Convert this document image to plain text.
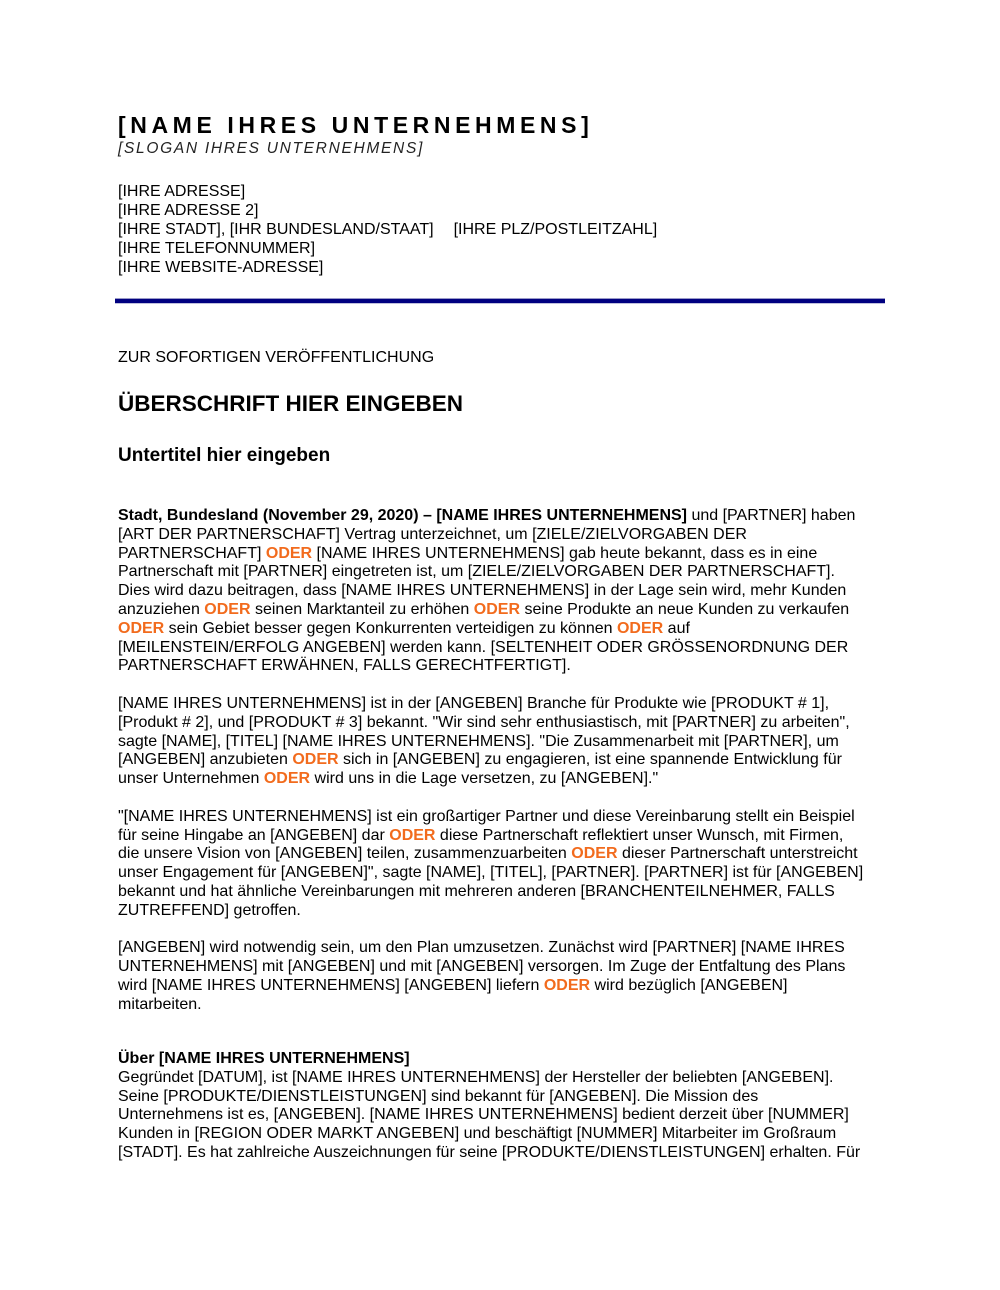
[NAME IHRES UNTERNEHMENS]
[SLOGAN IHRES UNTERNEHMENS]
[IHRE ADRESSE]
[IHRE ADRESSE 2]
[IHRE STADT], [IHR BUNDESLAND/STAAT] [IHRE PLZ/POSTLEITZAHL]
[IHRE TELEFONNUMMER]
[IHRE WEBSITE-ADRESSE]
ZUR SOFORTIGEN VERÖFFENTLICHUNG
ÜBERSCHRIFT HIER EINGEBEN
Untertitel hier eingeben

Stadt, Bundesland (November 29, 2020) – [NAME IHRES UNTERNEHMENS] und [PARTNER] haben
[ART DER PARTNERSCHAFT] Vertrag unterzeichnet, um [ZIELE/ZIELVORGABEN DER
PARTNERSCHAFT] ODER [NAME IHRES UNTERNEHMENS] gab heute bekannt, dass es in eine
Partnerschaft mit [PARTNER] eingetreten ist, um [ZIELE/ZIELVORGABEN DER PARTNERSCHAFT].
Dies wird dazu beitragen, dass [NAME IHRES UNTERNEHMENS] in der Lage sein wird, mehr Kunden
anzuziehen ODER seinen Marktanteil zu erhöhen ODER seine Produkte an neue Kunden zu verkaufen
ODER sein Gebiet besser gegen Konkurrenten verteidigen zu können ODER auf
[MEILENSTEIN/ERFOLG ANGEBEN] werden kann. [SELTENHEIT ODER GRÖSSENORDNUNG DER
PARTNERSCHAFT ERWÄHNEN, FALLS GERECHTFERTIGT].

[NAME IHRES UNTERNEHMENS] ist in der [ANGEBEN] Branche für Produkte wie [PRODUKT # 1],
[Produkt # 2], und [PRODUKT # 3] bekannt. "Wir sind sehr enthusiastisch, mit [PARTNER] zu arbeiten",
sagte [NAME], [TITEL] [NAME IHRES UNTERNEHMENS]. "Die Zusammenarbeit mit [PARTNER], um
[ANGEBEN] anzubieten ODER sich in [ANGEBEN] zu engagieren, ist eine spannende Entwicklung für
unser Unternehmen ODER wird uns in die Lage versetzen, zu [ANGEBEN]."

"[NAME IHRES UNTERNEHMENS] ist ein großartiger Partner und diese Vereinbarung stellt ein Beispiel
für seine Hingabe an [ANGEBEN] dar ODER diese Partnerschaft reflektiert unser Wunsch, mit Firmen,
die unsere Vision von [ANGEBEN] teilen, zusammenzuarbeiten ODER dieser Partnerschaft unterstreicht
unser Engagement für [ANGEBEN]", sagte [NAME], [TITEL], [PARTNER]. [PARTNER] ist für [ANGEBEN]
bekannt und hat ähnliche Vereinbarungen mit mehreren anderen [BRANCHENTEILNEHMER, FALLS
ZUTREFFEND] getroffen.

[ANGEBEN] wird notwendig sein, um den Plan umzusetzen. Zunächst wird [PARTNER] [NAME IHRES
UNTERNEHMENS] mit [ANGEBEN] und mit [ANGEBEN] versorgen. Im Zuge der Entfaltung des Plans
wird [NAME IHRES UNTERNEHMENS] [ANGEBEN] liefern ODER wird bezüglich [ANGEBEN]
mitarbeiten.

Über [NAME IHRES UNTERNEHMENS]
Gegründet [DATUM], ist [NAME IHRES UNTERNEHMENS] der Hersteller der beliebten [ANGEBEN].
Seine [PRODUKTE/DIENSTLEISTUNGEN] sind bekannt für [ANGEBEN]. Die Mission des
Unternehmens ist es, [ANGEBEN]. [NAME IHRES UNTERNEHMENS] bedient derzeit über [NUMMER]
Kunden in [REGION ODER MARKT ANGEBEN] und beschäftigt [NUMMER] Mitarbeiter im Großraum
[STADT]. Es hat zahlreiche Auszeichnungen für seine [PRODUKTE/DIENSTLEISTUNGEN] erhalten. Für
